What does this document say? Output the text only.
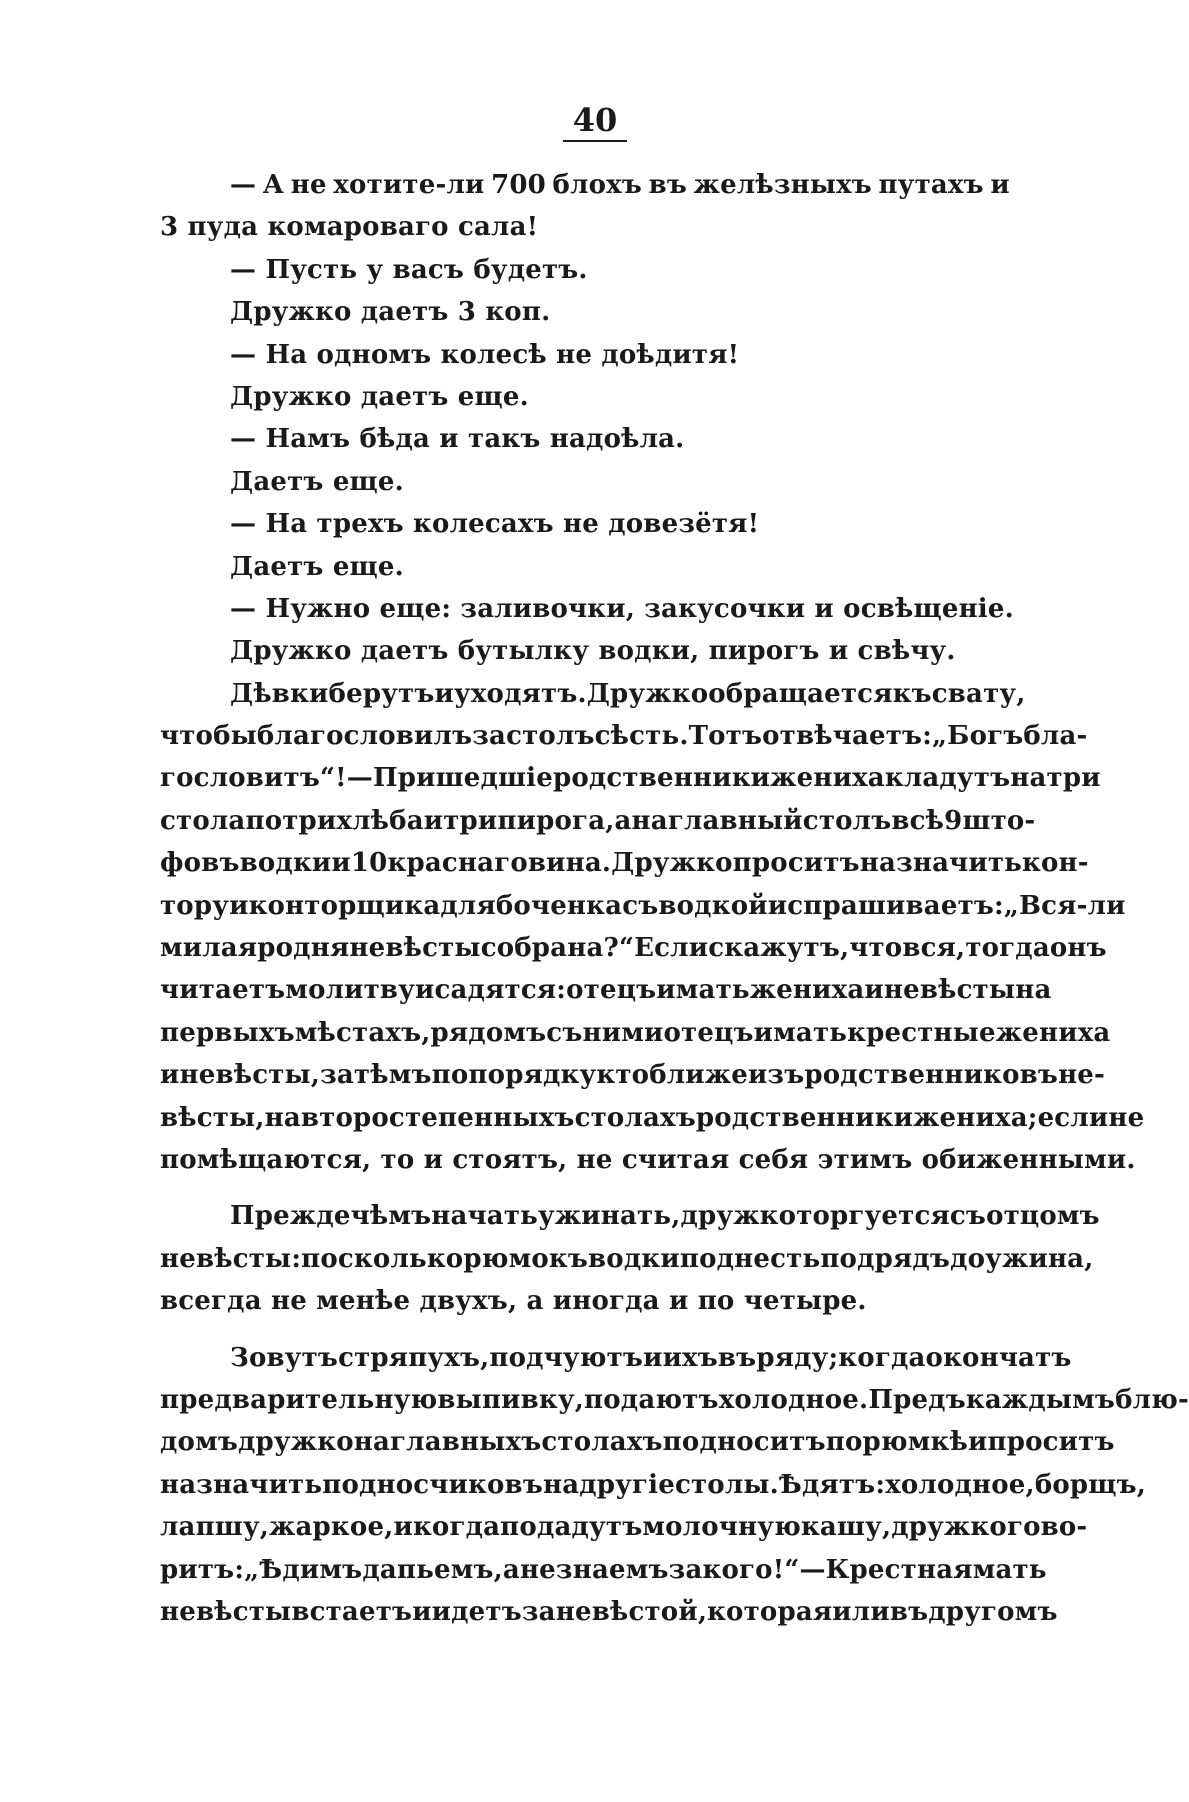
40
— А не хотите-ли 700 блохъ въ желѣзныхъ путахъ и
3 пуда комароваго сала!
— Пусть у васъ будетъ.
Дружко даетъ 3 коп.
— На одномъ колесѣ не доѣдитя!
Дружко даетъ еще.
— Намъ бѣда и такъ надоѣла.
Даетъ еще.
— На трехъ колесахъ не довезётя!
Даетъ еще.
— Нужно еще: заливочки, закусочки и освѣщеніе.
Дружко даетъ бутылку водки, пирогъ и свѣчу.
Дѣвки берутъ и уходятъ. Дружко обращается къ свату,
чтобы благословилъ за столъ сѣсть. Тотъ отвѣчаетъ: „Богъ бла-
гословитъ“!—Пришедшіе родственники жениха кладутъ на три
стола по три хлѣба и три пирога, а на главный столъ всѣ 9 што-
фовъ водки и 10 краснаго вина. Дружко проситъ назначить кон-
тору и конторщика для боченка съ водкой и спрашиваетъ: „Вся-ли
милая родня невѣсты собрана?“ Если скажутъ, что вся, тогда онъ
читаетъ молитву и садятся: отецъ и мать жениха и невѣсты на
первыхъ мѣстахъ, рядомъ съ ними отецъ и мать крестные жениха
и невѣсты, за тѣмъ по порядку кто ближе изъ родственниковъ не-
вѣсты, на второстепенныхъ столахъ родственники жениха; если не
помѣщаются, то и стоятъ, не считая себя этимъ обиженными.
Прежде чѣмъ начать ужинать, дружко торгуется съ отцомъ
невѣсты: по сколько рюмокъ водки поднесть подрядъ до ужина,
всегда не менѣе двухъ, а иногда и по четыре.
Зовутъ стряпухъ, подчуютъ и ихъ въ ряду; когда окончатъ
предварительную выпивку, подаютъ холодное. Предъ каждымъ блю-
домъ дружко на главныхъ столахъ подноситъ по рюмкѣ и проситъ
назначить подносчиковъ на другіе столы. Ѣдятъ: холодное, борщъ,
лапшу, жаркое, и когда подадутъ молочную кашу, дружко гово-
ритъ: „Ѣдимъ да пьемъ, а не знаемъ за кого!“—Крестная мать
невѣсты встаетъ и идетъ за невѣстой, которая или въ другомъ
